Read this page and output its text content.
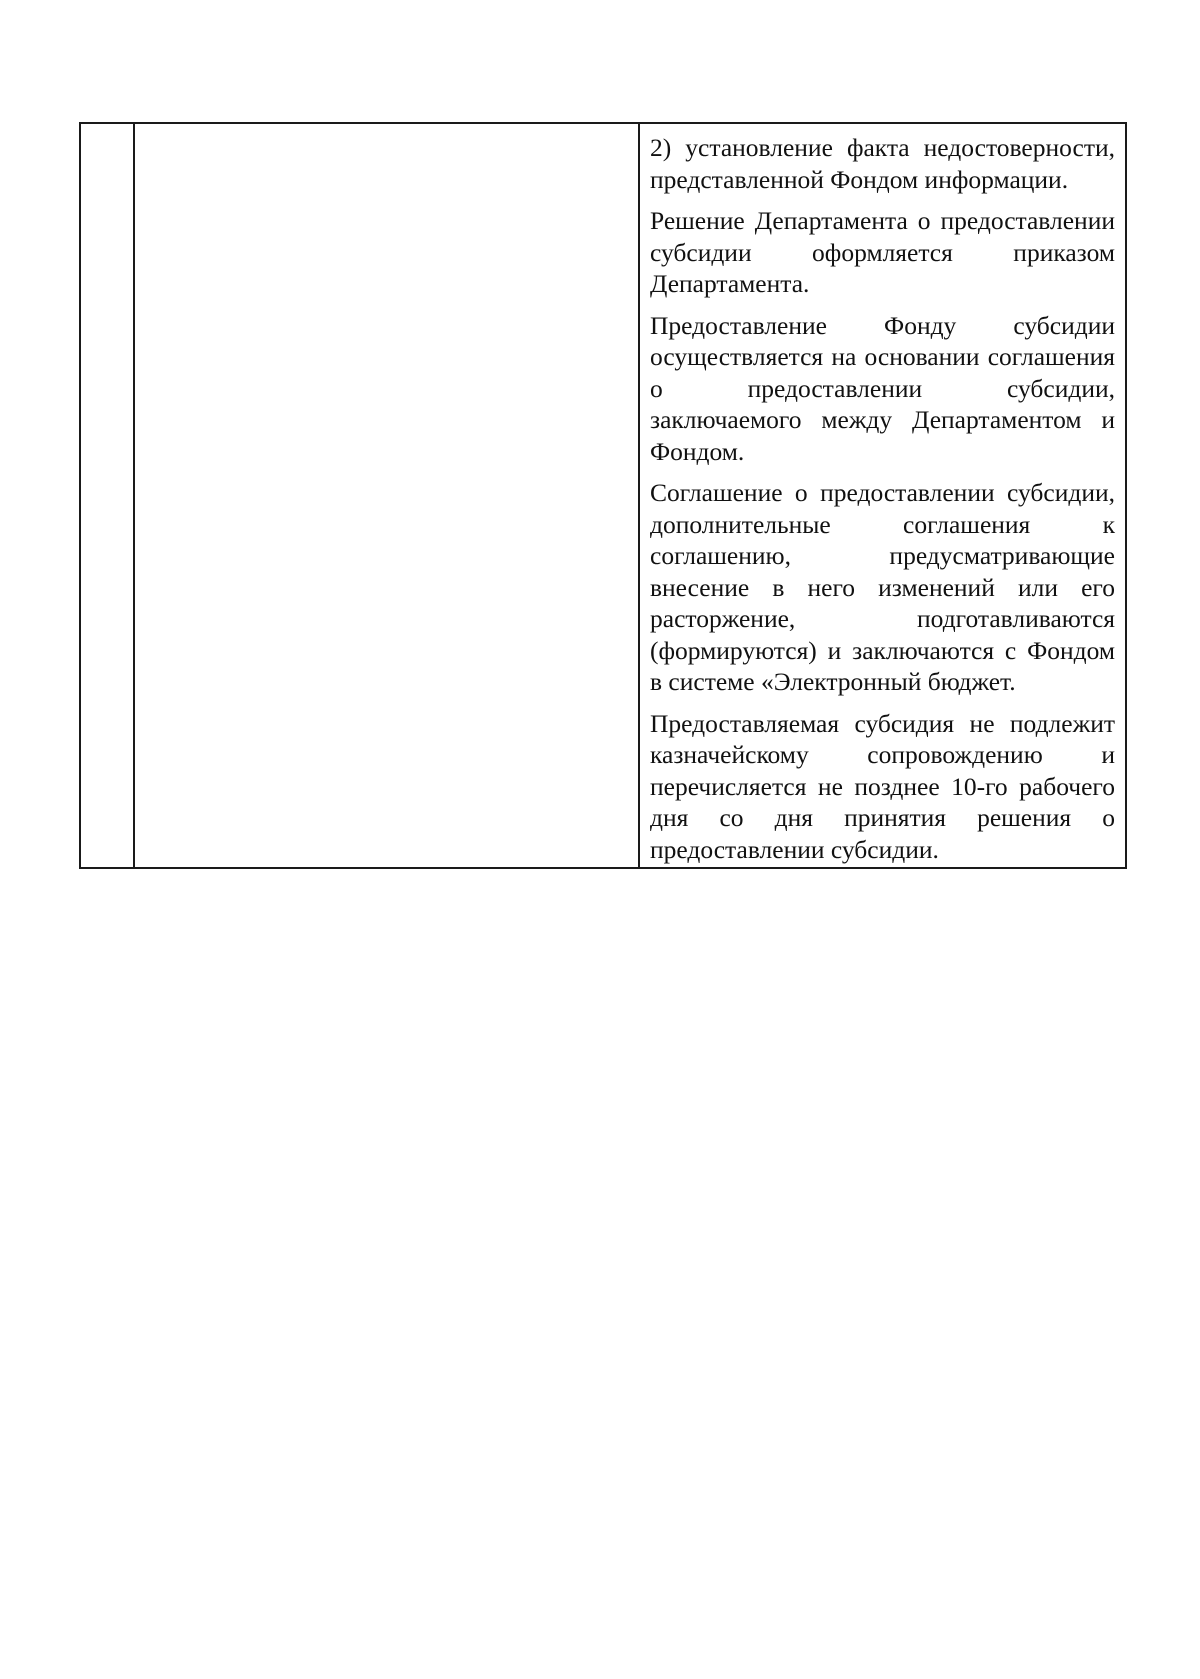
2) установление факта недостоверности, представленной Фондом информации.

Решение Департамента о предоставлении субсидии оформляется приказом Департамента.

Предоставление Фонду субсидии осуществляется на основании соглашения о предоставлении субсидии, заключаемого между Департаментом и Фондом.

Соглашение о предоставлении субсидии, дополнительные соглашения к соглашению, предусматривающие внесение в него изменений или его расторжение, подготавливаются (формируются) и заключаются с Фондом в системе «Электронный бюджет.

Предоставляемая субсидия не подлежит казначейскому сопровождению и перечисляется не позднее 10-го рабочего дня со дня принятия решения о предоставлении субсидии.
